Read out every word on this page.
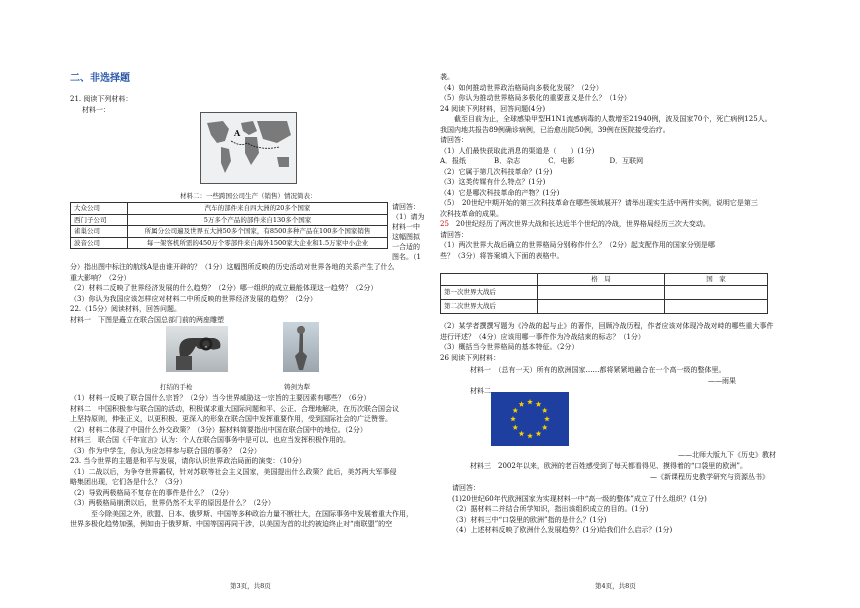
二、非选择题
21. 阅读下列材料：
材料一：
A
材料二：一些跨国公司生产（销售）情况简表：
大众公司	汽车的部件来自四大洲的20多个国家
西门子公司	5万多个产品的部件来自130多个国家
雀巢公司	所属分公司遍及世界五大洲50多个国家，有8500多种产品在100多个国家销售
波音公司	每一架客机所需的450万个零部件来自海外1500家大企业和1.5万家中小企业
请回答：
（1）请为
材料一中
这幅图拟
一合适的
图名。（1
分）指出图中标注的航线A是由谁开辟的？（1分）这幅图所反映的历史活动对世界各地的关系产生了什么
重大影响？（2分）
（2）材料二反映了世界经济发展的什么趋势？（2分）哪一组织的成立最能体现这一趋势？（2分）
（3）你认为我国应该怎样应对材料二中所反映的世界经济发展的趋势？（2分）
22.（15分）阅读材料，回答问题。
材料一　下图是矗立在联合国总部门前的两座雕塑
打结的手枪	铸剑为犁
（1）材料一反映了联合国什么宗旨？（2分）当今世界威胁这一宗旨的主要因素有哪些？（6分）
材料二　中国积极参与联合国的活动，积极谋求重大国际问题和平、公正、合理地解决，在历次联合国会议
上坚持原则，伸张正义，以更积极、更深入的形象在联合国中发挥重要作用，受到国际社会的广泛赞誉。
（2）材料二体现了中国什么外交政策？（3分）据材料简要指出中国在联合国中的地位。（2分）
材料三　联合国《千年宣言》认为：个人在联合国事务中是可以、也应当发挥积极作用的。
（3）作为中学生，你认为应怎样参与联合国的事务？（2分）
23. 当今世界的主题是和平与发展，请你认识世界政治局面的演变：（10分）
（1）二战以后，为争夺世界霸权，针对苏联等社会主义国家，美国提出什么政策？此后，美苏两大军事侵
略集团出现，它们各是什么？（3分）
（2）导致两极格局不复存在的事件是什么？（2分）
（3）两极格局崩溃以后，世界仍然不太平的原因是什么？（2分）
　　　至今除美国之外，欧盟、日本、俄罗斯、中国等多种政治力量不断壮大，在国际事务中发展着重大作用，
世界多极化趋势加强，例如由于俄罗斯、中国等国再同干涉，以美国为首的北约被迫终止对“南联盟”的空
第3页，共8页
袭。
（4）如何推动世界政治格局向多极化发展？（2分）
（5）你认为推动世界格局多极化的重要意义是什么？（1分）
24 阅读下列材料，回答问题(4分)
　　截至目前为止，全球感染甲型H1N1流感病毒的人数增至21940例，波及国家70个，死亡病例125人。
我国内地共报告89例确诊病例，已治愈出院50例，39例在医院接受治疗。
请回答：
（1）人们最快获取此消息的渠道是（　　）(1分)
A．报纸　　　　B．杂志　　　　C．电影　　　　　D．互联网
（2）它属于第几次科技革命？(1分)
（3）这类传媒有什么特点？(1分)
（4）它是哪次科技革命的产物？(1分)
（5）　20世纪中期开始的第三次科技革命在哪些领域展开？请举出现实生活中两件实例，说明它是第三
次科技革命的成果。
25　20世纪经历了两次世界大战和长达近半个世纪的冷战，世界格局经历三次大变动。
请回答：
（1）两次世界大战后确立的世界格局分别称作什么？（2分）起支配作用的国家分别是哪
些？（3分）将答案填入下面的表格中。
	格　局	国　家
第一次世界大战后		
第二次世界大战后		
（2）某学者撰撰写题为《冷战的起与止》的著作，回顾冷战历程，作者应该对体现冷战对峙的哪些重大事件
进行评述？（4分）应该用哪一事件作为冷战结束的标志？（1分）
（3）概括当今世界格局的基本特征。（2分）
26 阅读下列材料：
材料一　（总有一天）所有的欧洲国家……都将紧紧地融合在一个高一级的整体里。
——雨果
材料二
——北师大版九下《历史》教材
材料三　2002年以来，欧洲的老百姓感受到了每天都看得见、摸得着的“口袋里的欧洲”。
—《新课程历史教学研究与资源丛书》
请回答：
(1)20世纪60年代欧洲国家为实现材料一中“高一级的整体”成立了什么组织？(1分)
（2）据材料二并结合所学知识，指出该组织成立的目的。(1分)
（3）材料三中“口袋里的欧洲”指的是什么？(1分)
（4）上述材料反映了欧洲什么发展趋势？(1分)给我们什么启示？(1分)
第4页，共8页
